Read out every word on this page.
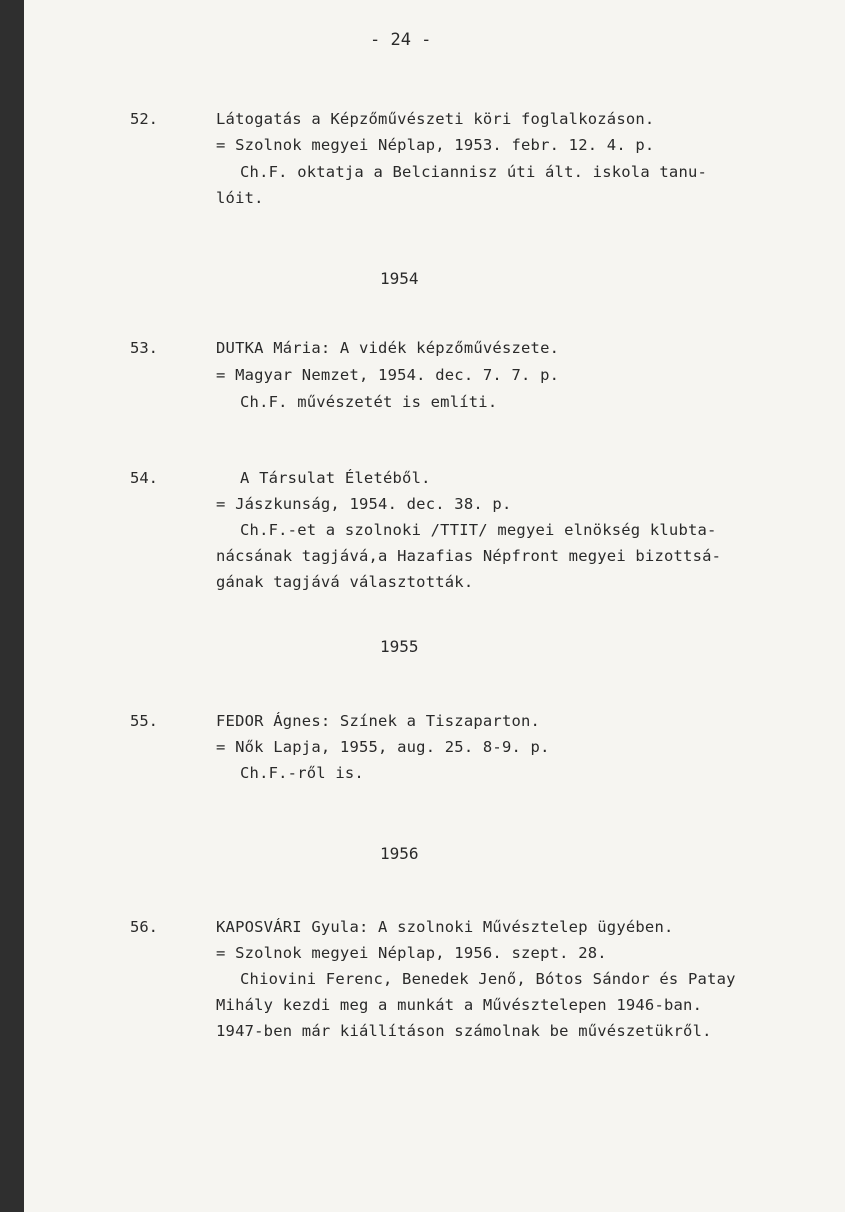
- 24 -
52.	Látogatás a Képzőművészeti köri foglalkozáson.
= Szolnok megyei Néplap, 1953. febr. 12. 4. p.
Ch.F. oktatja a Belciannisz úti ált. iskola tanu-
lóit.
1954
53.	DUTKA Mária: A vidék képzőművészete.
= Magyar Nemzet, 1954. dec. 7. 7. p.
Ch.F. művészetét is említi.
54.	A Társulat Életéből.
= Jászkunság, 1954. dec. 38. p.
Ch.F.-et a szolnoki /TTIT/ megyei elnökség klubta-
nácsának tagjává,a Hazafias Népfront megyei bizottsá-
gának tagjává választották.
1955
55.	FEDOR Ágnes: Színek a Tiszaparton.
= Nők Lapja, 1955, aug. 25. 8-9. p.
Ch.F.-ről is.
1956
56.	KAPOSVÁRI Gyula: A szolnoki Művésztelep ügyében.
= Szolnok megyei Néplap, 1956. szept. 28.
Chiovini Ferenc, Benedek Jenő, Bótos Sándor és Patay
Mihály kezdi meg a munkát a Művésztelepen 1946-ban.
1947-ben már kiállításon számolnak be művészetükről.
